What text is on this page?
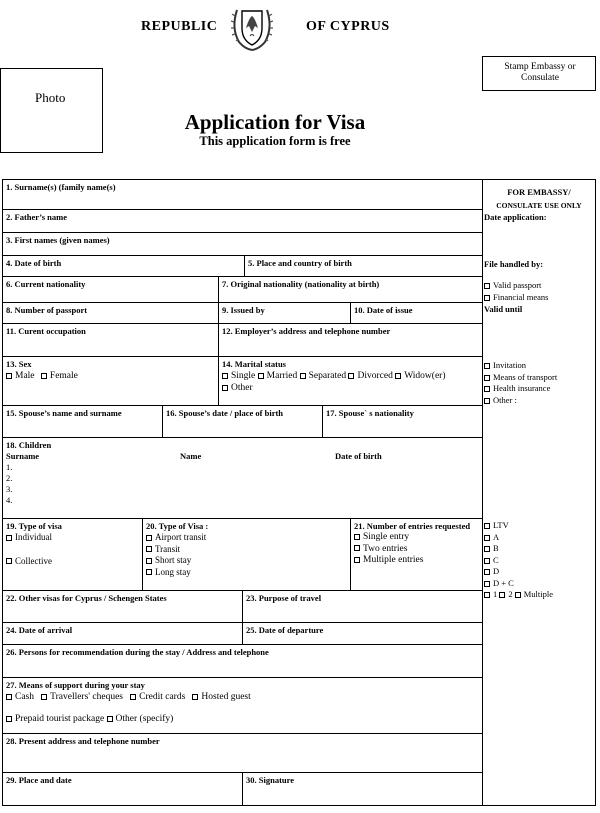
REPUBLIC	OF CYPRUS
Photo
Stamp Embassy or Consulate
Application for Visa
This application form is free
1. Surname(s) (family name(s)
2. Father’s name
3. First names (given names)
4. Date of birth	5. Place and country of birth
6. Current nationality	7. Original nationality (nationality at birth)
8. Number of passport	9. Issued by	10. Date of issue
11. Curent occupation	12. Employer’s address and telephone number
13. Sex
Male Female
14. Marital status
Single Married Separated Divorced Widow(er)
Other
15. Spouse’s name and surname	16. Spouse’s date / place of birth	17. Spouse` s nationality
18. Children
Surname	Name	Date of birth
1.
2.
3.
4.
19. Type of visa
Individual
Collective
20. Type of Visa :
Airport transit
Transit
Short stay
Long stay
21. Number of entries requested
Single entry
Two entries
Multiple entries
22. Other visas for Cyprus / Schengen States	23. Purpose of travel
24. Date of arrival	25. Date of departure
26. Persons for recommendation during the stay / Address and telephone
27. Means of support during your stay
Cash Travellers' cheques Credit cards Hosted guest
Prepaid tourist package Other (specify)
28. Present address and telephone number
29. Place and date	30. Signature
FOR EMBASSY/
CONSULATE USE ONLY
Date application:
File handled by:
Valid passport
Financial means
Valid until
Invitation
Means of transport
Health insurance
Other :
LTV
A
B
C
D
D + C
1 2 Multiple
